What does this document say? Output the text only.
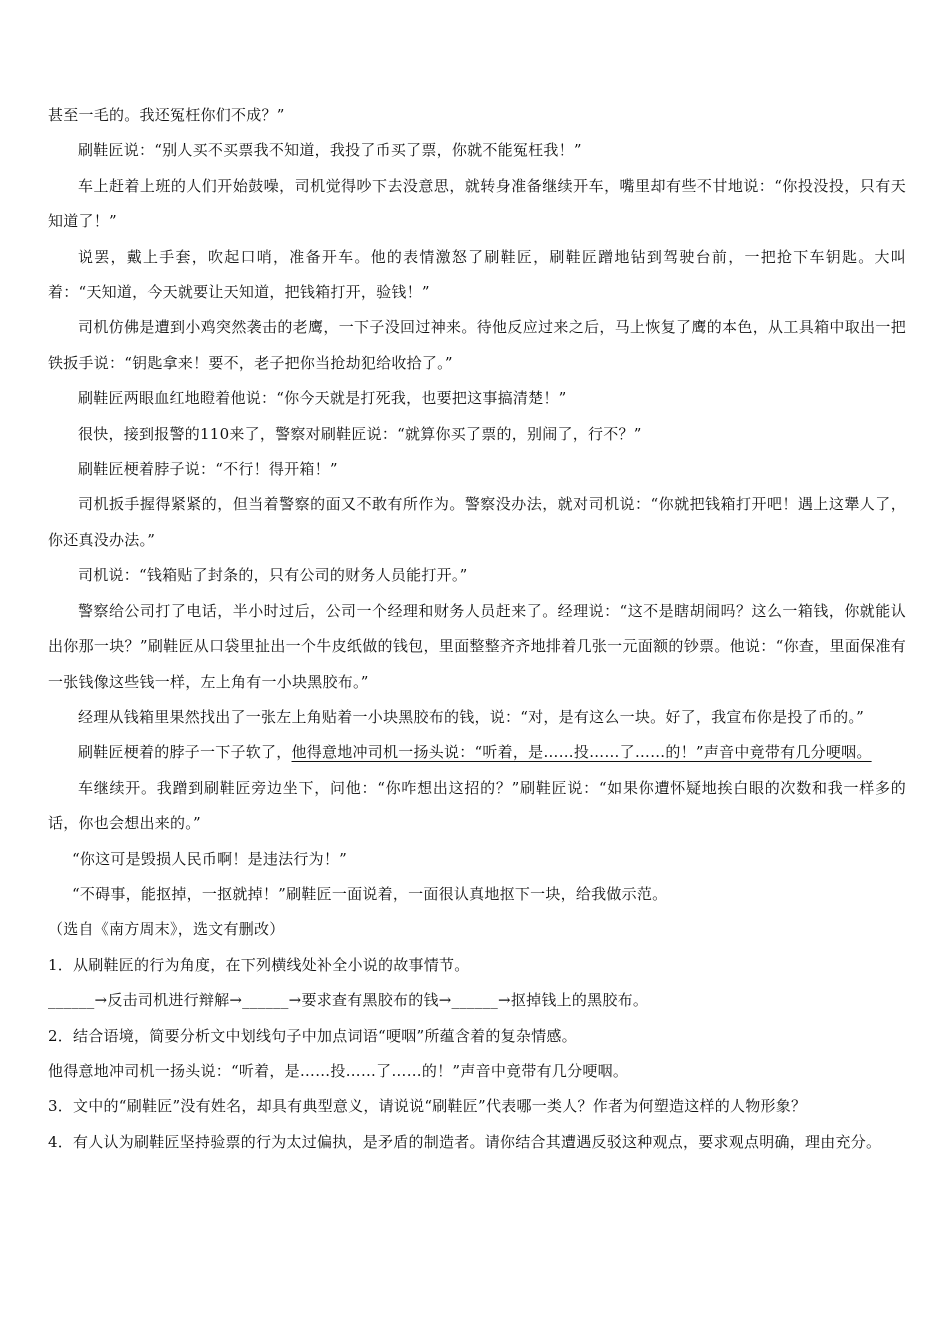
甚至一毛的。我还冤枉你们不成？”

刷鞋匠说：“别人买不买票我不知道，我投了币买了票，你就不能冤枉我！”

车上赶着上班的人们开始鼓噪，司机觉得吵下去没意思，就转身准备继续开车，嘴里却有些不甘地说：“你投没投，只有天知道了！”

说罢，戴上手套，吹起口哨，准备开车。他的表情激怒了刷鞋匠，刷鞋匠蹭地钻到驾驶台前，一把抢下车钥匙。大叫着：“天知道，今天就要让天知道，把钱箱打开，验钱！”

司机仿佛是遭到小鸡突然袭击的老鹰，一下子没回过神来。待他反应过来之后，马上恢复了鹰的本色，从工具箱中取出一把铁扳手说：“钥匙拿来！要不，老子把你当抢劫犯给收拾了。”

刷鞋匠两眼血红地瞪着他说：“你今天就是打死我，也要把这事搞清楚！”

很快，接到报警的110来了，警察对刷鞋匠说：“就算你买了票的，别闹了，行不？”

刷鞋匠梗着脖子说：“不行！得开箱！”

司机扳手握得紧紧的，但当着警察的面又不敢有所作为。警察没办法，就对司机说：“你就把钱箱打开吧！遇上这犟人了，你还真没办法。”

司机说：“钱箱贴了封条的，只有公司的财务人员能打开。”

警察给公司打了电话，半小时过后，公司一个经理和财务人员赶来了。经理说：“这不是瞎胡闹吗？这么一箱钱，你就能认出你那一块？”刷鞋匠从口袋里扯出一个牛皮纸做的钱包，里面整整齐齐地排着几张一元面额的钞票。他说：“你查，里面保准有一张钱像这些钱一样，左上角有一小块黑胶布。”

经理从钱箱里果然找出了一张左上角贴着一小块黑胶布的钱，说：“对，是有这么一块。好了，我宣布你是投了币的。”

刷鞋匠梗着的脖子一下子软了，他得意地冲司机一扬头说：“听着，是……投……了……的！”声音中竟带有几分哽咽。

车继续开。我蹭到刷鞋匠旁边坐下，问他：“你咋想出这招的？”刷鞋匠说：“如果你遭怀疑地挨白眼的次数和我一样多的话，你也会想出来的。”

“你这可是毁损人民币啊！是违法行为！”

“不碍事，能抠掉，一抠就掉！”刷鞋匠一面说着，一面很认真地抠下一块，给我做示范。

（选自《南方周末》，选文有删改）

1．从刷鞋匠的行为角度，在下列横线处补全小说的故事情节。

______→反击司机进行辩解→______→要求查有黑胶布的钱→______→抠掉钱上的黑胶布。

2．结合语境，简要分析文中划线句子中加点词语“哽咽”所蕴含着的复杂情感。

他得意地冲司机一扬头说：“听着，是……投……了……的！”声音中竟带有几分哽咽。

3．文中的“刷鞋匠”没有姓名，却具有典型意义，请说说“刷鞋匠”代表哪一类人？作者为何塑造这样的人物形象？

4．有人认为刷鞋匠坚持验票的行为太过偏执，是矛盾的制造者。请你结合其遭遇反驳这种观点，要求观点明确，理由充分。
